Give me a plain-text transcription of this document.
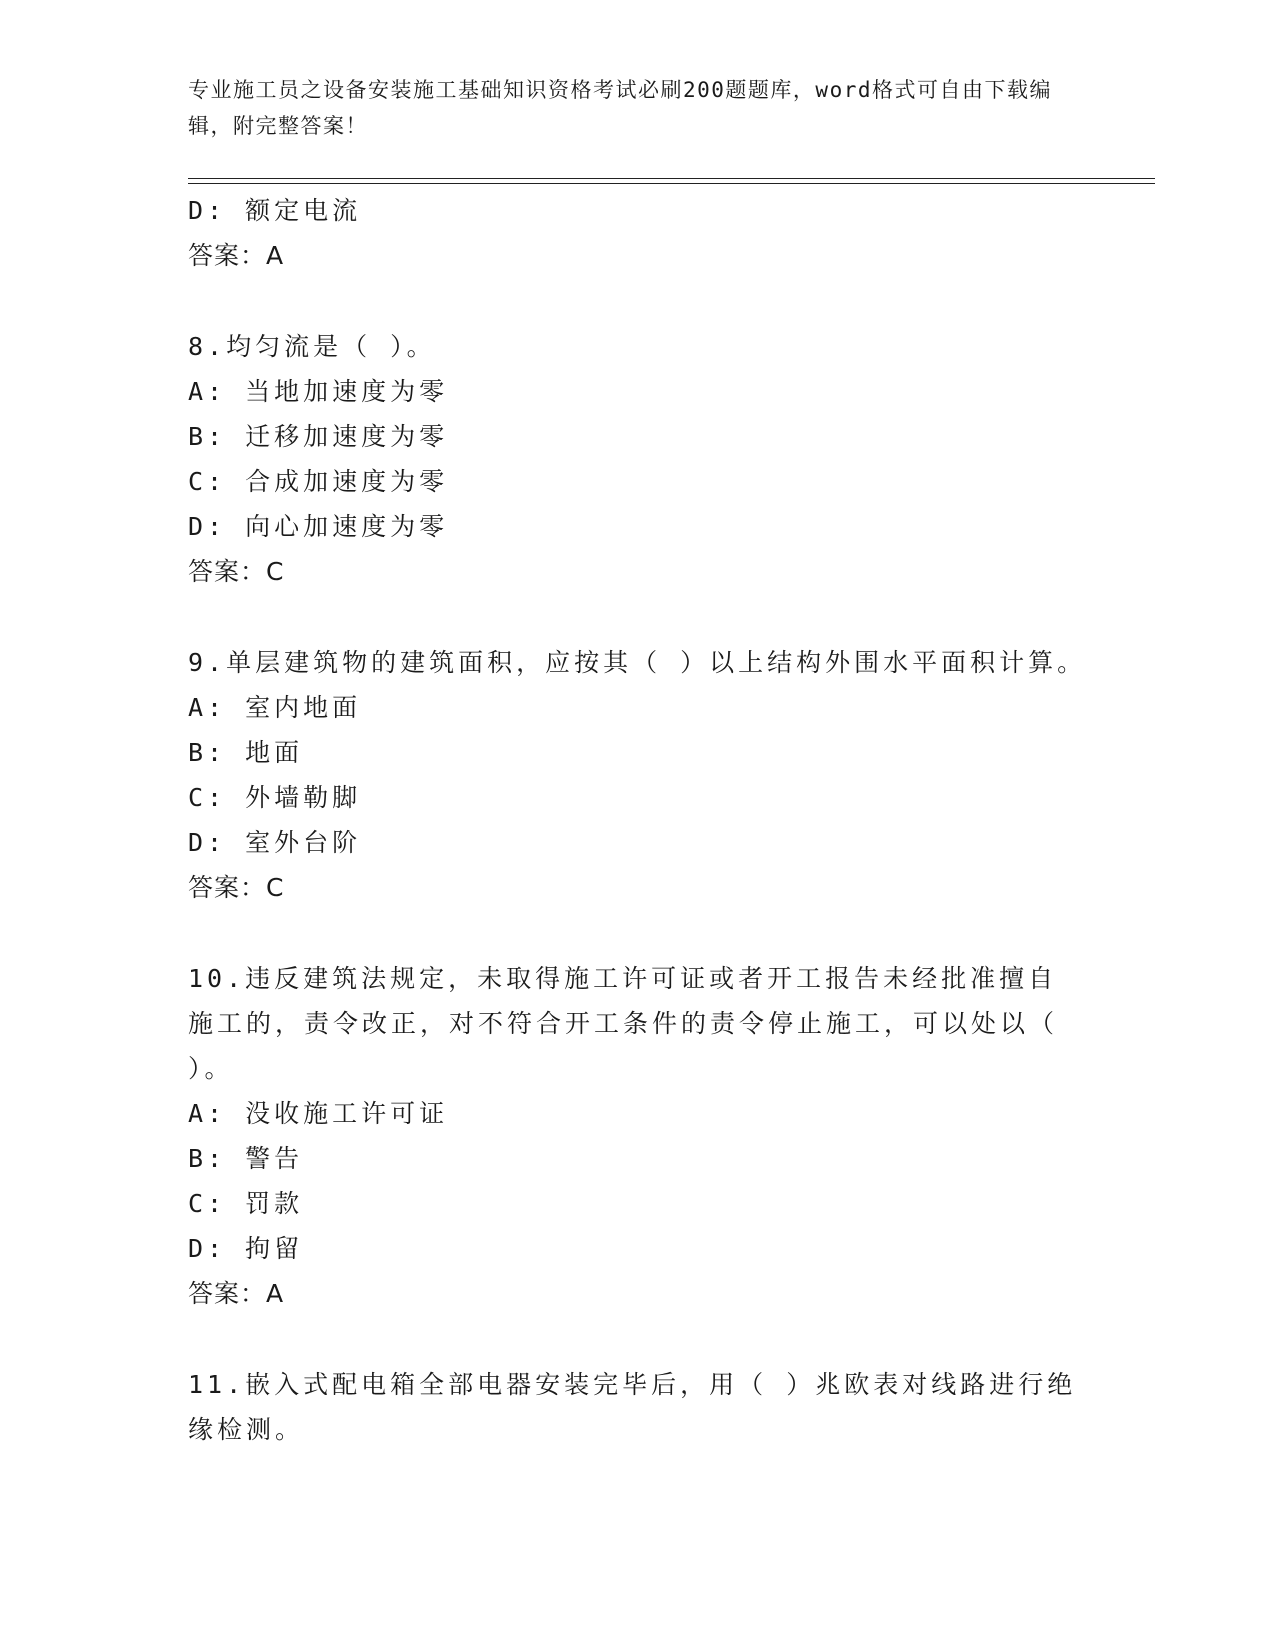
专业施工员之设备安装施工基础知识资格考试必刷200题题库，word格式可自由下载编辑，附完整答案！
D: 额定电流
答案：A
8.均匀流是（ ）。
A: 当地加速度为零
B: 迁移加速度为零
C: 合成加速度为零
D: 向心加速度为零
答案：C
9.单层建筑物的建筑面积，应按其（ ）以上结构外围水平面积计算。
A: 室内地面
B: 地面
C: 外墙勒脚
D: 室外台阶
答案：C
10.违反建筑法规定，未取得施工许可证或者开工报告未经批准擅自施工的，责令改正，对不符合开工条件的责令停止施工，可以处以（ ）。
A: 没收施工许可证
B: 警告
C: 罚款
D: 拘留
答案：A
11.嵌入式配电箱全部电器安装完毕后，用（ ）兆欧表对线路进行绝缘检测。
